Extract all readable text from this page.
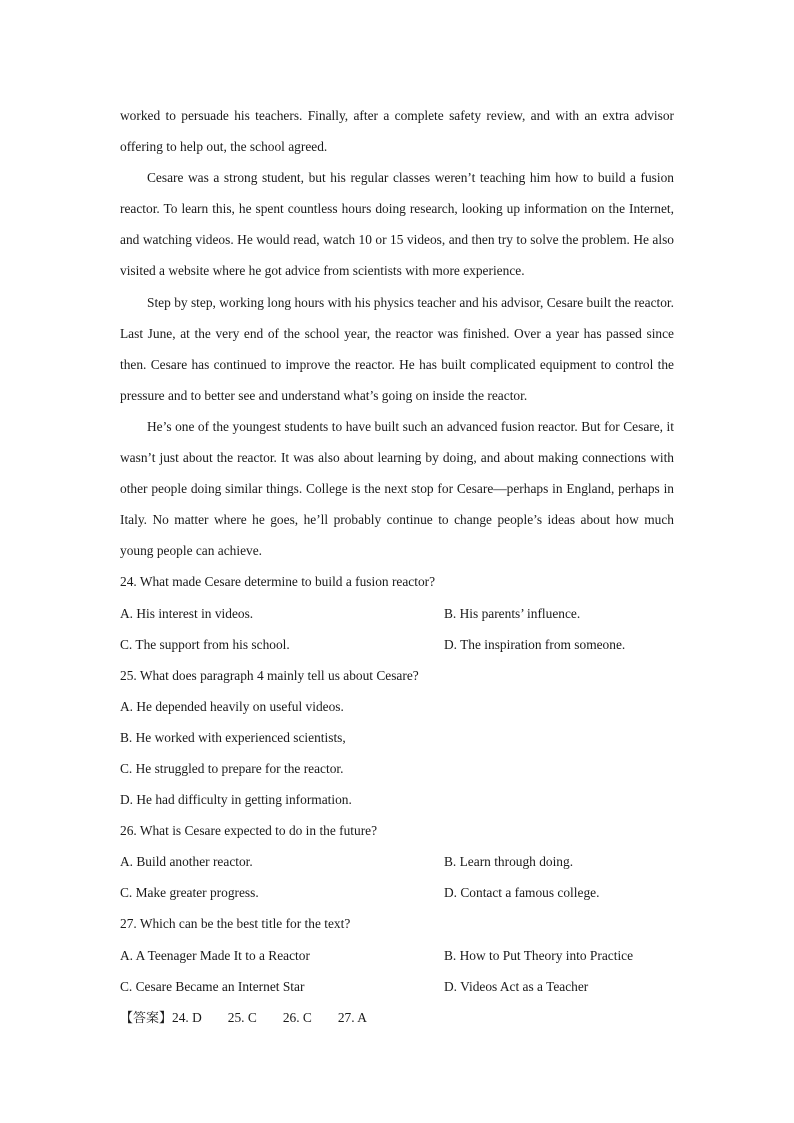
worked to persuade his teachers. Finally, after a complete safety review, and with an extra advisor offering to help out, the school agreed.

Cesare was a strong student, but his regular classes weren’t teaching him how to build a fusion reactor. To learn this, he spent countless hours doing research, looking up information on the Internet, and watching videos. He would read, watch 10 or 15 videos, and then try to solve the problem. He also visited a website where he got advice from scientists with more experience.

Step by step, working long hours with his physics teacher and his advisor, Cesare built the reactor. Last June, at the very end of the school year, the reactor was finished. Over a year has passed since then. Cesare has continued to improve the reactor. He has built complicated equipment to control the pressure and to better see and understand what’s going on inside the reactor.

He’s one of the youngest students to have built such an advanced fusion reactor. But for Cesare, it wasn’t just about the reactor. It was also about learning by doing, and about making connections with other people doing similar things. College is the next stop for Cesare—perhaps in England, perhaps in Italy. No matter where he goes, he’ll probably continue to change people’s ideas about how much young people can achieve.

24. What made Cesare determine to build a fusion reactor?
A. His interest in videos.	B. His parents’ influence.
C. The support from his school.	D. The inspiration from someone.
25. What does paragraph 4 mainly tell us about Cesare?
A. He depended heavily on useful videos.
B. He worked with experienced scientists,
C. He struggled to prepare for the reactor.
D. He had difficulty in getting information.
26. What is Cesare expected to do in the future?
A. Build another reactor.	B. Learn through doing.
C. Make greater progress.	D. Contact a famous college.
27. Which can be the best title for the text?
A. A Teenager Made It to a Reactor	B. How to Put Theory into Practice
C. Cesare Became an Internet Star	D. Videos Act as a Teacher
【答案】24. D 25. C 26. C 27. A
